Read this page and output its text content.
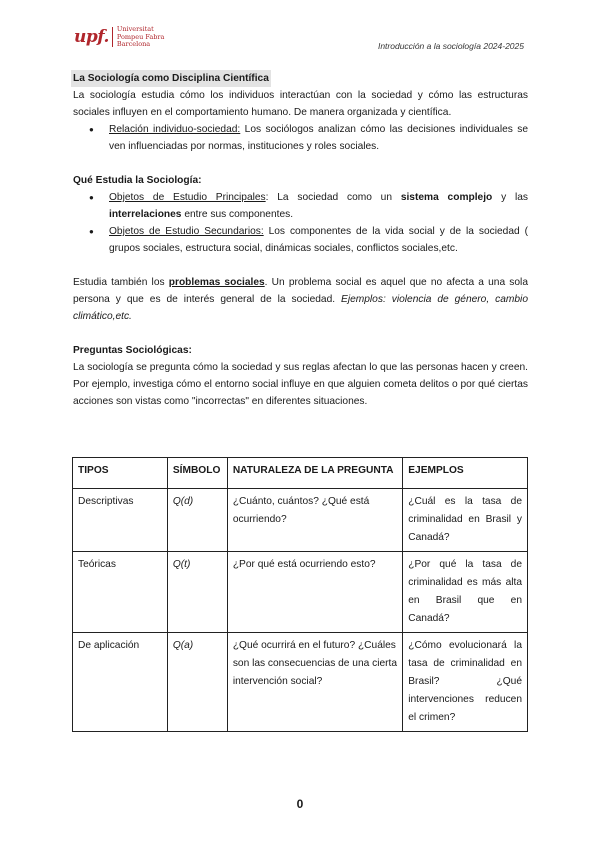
upf. Universitat
Pompeu Fabra
Barcelona	Introducción a la sociología 2024-2025
La Sociología como Disciplina Científica

La sociología estudia cómo los individuos interactúan con la sociedad y cómo las estructuras sociales influyen en el comportamiento humano. De manera organizada y científica.

● Relación individuo-sociedad: Los sociólogos analizan cómo las decisiones individuales se ven influenciadas por normas, instituciones y roles sociales.
Qué Estudia la Sociología:
● Objetos de Estudio Principales: La sociedad como un sistema complejo y las interrelaciones entre sus componentes.
● Objetos de Estudio Secundarios: Los componentes de la vida social y de la sociedad ( grupos sociales, estructura social, dinámicas sociales, conflictos sociales,etc.

Estudia también los problemas sociales. Un problema social es aquel que no afecta a una sola persona y que es de interés general de la sociedad. Ejemplos: violencia de género, cambio climático,etc.

Preguntas Sociológicas:

La sociología se pregunta cómo la sociedad y sus reglas afectan lo que las personas hacen y creen. Por ejemplo, investiga cómo el entorno social influye en que alguien cometa delitos o por qué ciertas acciones son vistas como "incorrectas" en diferentes situaciones.

TIPOS	SÍMBOLO	NATURALEZA DE LA PREGUNTA	EJEMPLOS
Descriptivas	Q(d)	¿Cuánto, cuántos? ¿Qué está ocurriendo?	¿Cuál es la tasa de criminalidad en Brasil y Canadá?
Teóricas	Q(t)	¿Por qué está ocurriendo esto?	¿Por qué la tasa de criminalidad es más alta en Brasil que en Canadá?
De aplicación	Q(a)	¿Qué ocurrirá en el futuro? ¿Cuáles son las consecuencias de una cierta intervención social?	¿Cómo evolucionará la tasa de criminalidad en Brasil? ¿Qué intervenciones reducen el crimen?
0
